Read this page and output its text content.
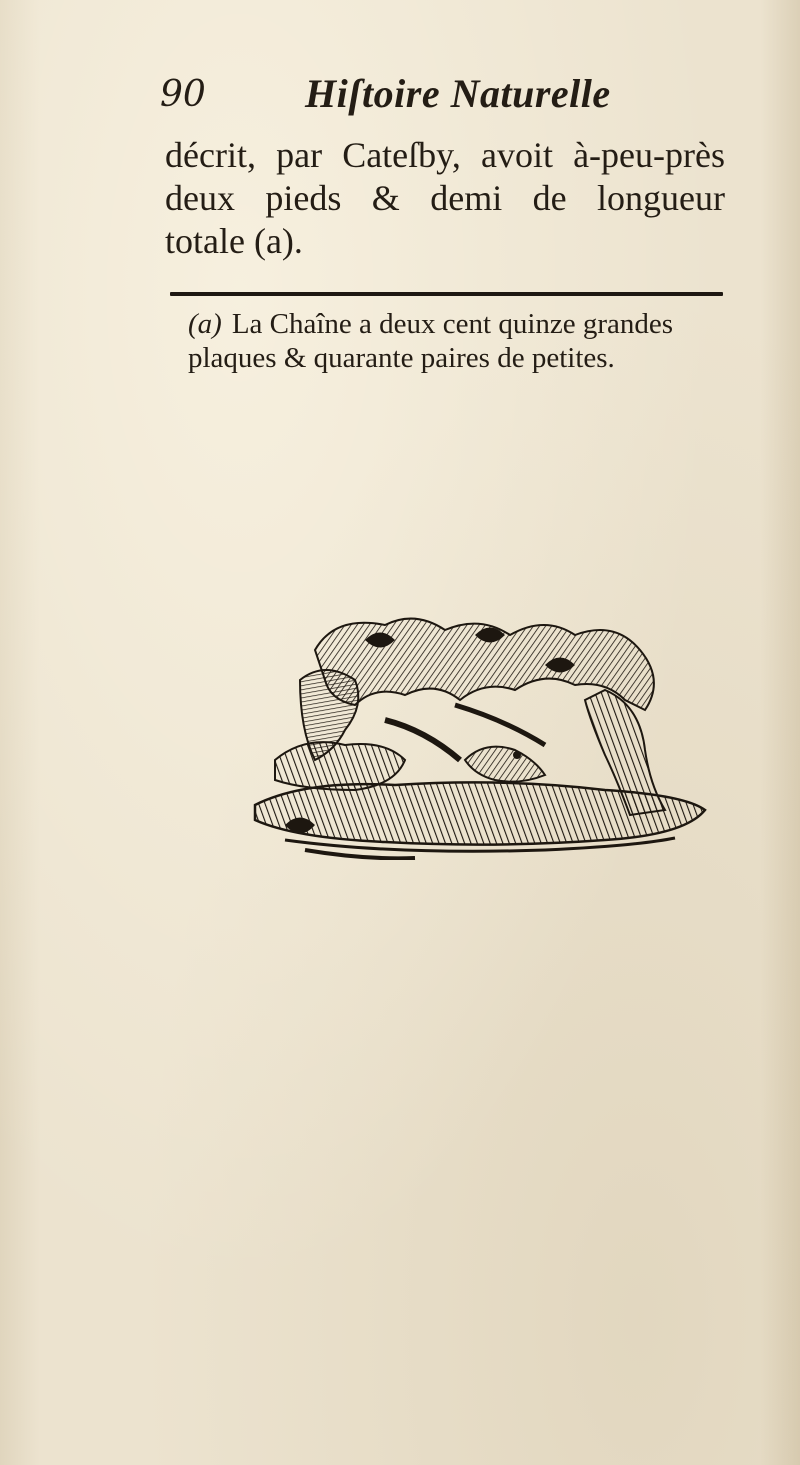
90 Hiſtoire Naturelle
décrit, par Cateſby, avoit à-peu-près
deux pieds & demi de longueur
totale (a).
(a) La Chaîne a deux cent quinze grandes
plaques & quarante paires de petites.
